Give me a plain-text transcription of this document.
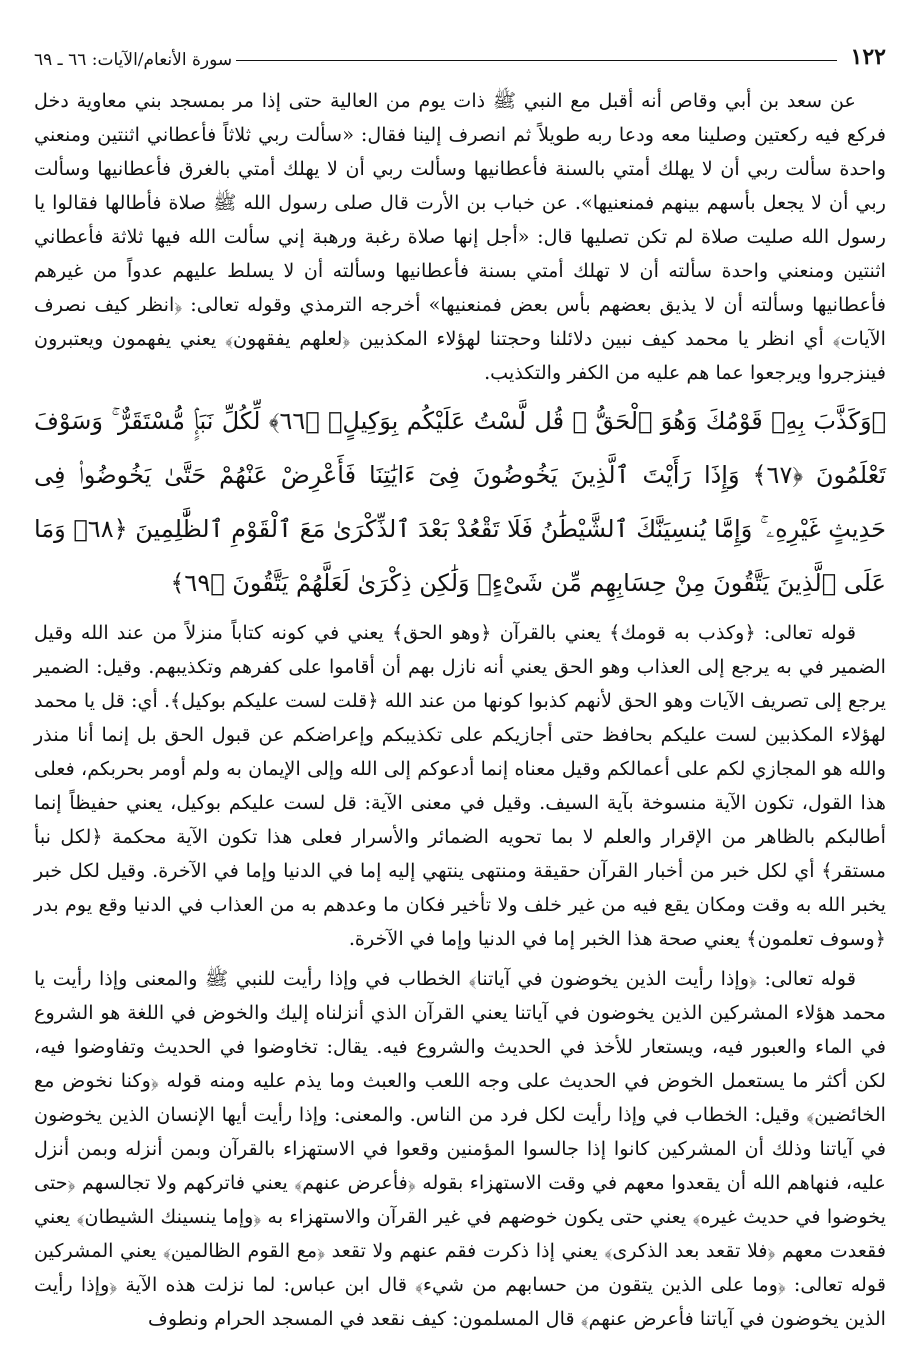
١٢٢
سورة الأنعام/الآيات: ٦٦ ـ ٦٩

عن سعد بن أبي وقاص أنه أقبل مع النبي ﷺ ذات يوم من العالية حتى إذا مر بمسجد بني معاوية دخل فركع فيه ركعتين وصلينا معه ودعا ربه طويلاً ثم انصرف إلينا فقال: «سألت ربي ثلاثاً فأعطاني اثنتين ومنعني واحدة سألت ربي أن لا يهلك أمتي بالسنة فأعطانيها وسألت ربي أن لا يهلك أمتي بالغرق فأعطانيها وسألت ربي أن لا يجعل بأسهم بينهم فمنعنيها». عن خباب بن الأرت قال صلى رسول الله ﷺ صلاة فأطالها فقالوا يا رسول الله صليت صلاة لم تكن تصليها قال: «أجل إنها صلاة رغبة ورهبة إني سألت الله فيها ثلاثة فأعطاني اثنتين ومنعني واحدة سألته أن لا تهلك أمتي بسنة فأعطانيها وسألته أن لا يسلط عليهم عدواً من غيرهم فأعطانيها وسألته أن لا يذيق بعضهم بأس بعض فمنعنيها» أخرجه الترمذي وقوله تعالى: ﴿انظر كيف نصرف الآيات﴾ أي انظر يا محمد كيف نبين دلائلنا وحجتنا لهؤلاء المكذبين ﴿لعلهم يفقهون﴾ يعني يفهمون ويعتبرون فينزجروا ويرجعوا عما هم عليه من الكفر والتكذيب.

﴿وَكَذَّبَ بِهِۦ قَوْمُكَ وَهُوَ ٱلْحَقُّ ۚ قُل لَّسْتُ عَلَيْكُم بِوَكِيلٍۢ ﴿٦٦﴾ لِّكُلِّ نَبَإٍۢ مُّسْتَقَرٌّ ۚ وَسَوْفَ تَعْلَمُونَ ﴿٦٧﴾ وَإِذَا رَأَيْتَ ٱلَّذِينَ يَخُوضُونَ فِىٓ ءَايَٰتِنَا فَأَعْرِضْ عَنْهُمْ حَتَّىٰ يَخُوضُوا۟ فِى حَدِيثٍ غَيْرِهِۦ ۚ وَإِمَّا يُنسِيَنَّكَ ٱلشَّيْطَٰنُ فَلَا تَقْعُدْ بَعْدَ ٱلذِّكْرَىٰ مَعَ ٱلْقَوْمِ ٱلظَّٰلِمِينَ ﴿٦٨﴾ وَمَا عَلَى ٱلَّذِينَ يَتَّقُونَ مِنْ حِسَابِهِم مِّن شَىْءٍۢ وَلَٰكِن ذِكْرَىٰ لَعَلَّهُمْ يَتَّقُونَ ﴿٦٩﴾

قوله تعالى: ﴿وكذب به قومك﴾ يعني بالقرآن ﴿وهو الحق﴾ يعني في كونه كتاباً منزلاً من عند الله وقيل الضمير في به يرجع إلى العذاب وهو الحق يعني أنه نازل بهم أن أقاموا على كفرهم وتكذيبهم. وقيل: الضمير يرجع إلى تصريف الآيات وهو الحق لأنهم كذبوا كونها من عند الله ﴿قلت لست عليكم بوكيل﴾. أي: قل يا محمد لهؤلاء المكذبين لست عليكم بحافظ حتى أجازيكم على تكذيبكم وإعراضكم عن قبول الحق بل إنما أنا منذر والله هو المجازي لكم على أعمالكم وقيل معناه إنما أدعوكم إلى الله وإلى الإيمان به ولم أومر بحربكم، فعلى هذا القول، تكون الآية منسوخة بآية السيف. وقيل في معنى الآية: قل لست عليكم بوكيل، يعني حفيظاً إنما أطالبكم بالظاهر من الإقرار والعلم لا بما تحويه الضمائر والأسرار فعلى هذا تكون الآية محكمة ﴿لكل نبأ مستقر﴾ أي لكل خبر من أخبار القرآن حقيقة ومنتهى ينتهي إليه إما في الدنيا وإما في الآخرة. وقيل لكل خبر يخبر الله به وقت ومكان يقع فيه من غير خلف ولا تأخير فكان ما وعدهم به من العذاب في الدنيا وقع يوم بدر ﴿وسوف تعلمون﴾ يعني صحة هذا الخبر إما في الدنيا وإما في الآخرة.

قوله تعالى: ﴿وإذا رأيت الذين يخوضون في آياتنا﴾ الخطاب في وإذا رأيت للنبي ﷺ والمعنى وإذا رأيت يا محمد هؤلاء المشركين الذين يخوضون في آياتنا يعني القرآن الذي أنزلناه إليك والخوض في اللغة هو الشروع في الماء والعبور فيه، ويستعار للأخذ في الحديث والشروع فيه. يقال: تخاوضوا في الحديث وتفاوضوا فيه، لكن أكثر ما يستعمل الخوض في الحديث على وجه اللعب والعبث وما يذم عليه ومنه قوله ﴿وكنا نخوض مع الخائضين﴾ وقيل: الخطاب في وإذا رأيت لكل فرد من الناس. والمعنى: وإذا رأيت أيها الإنسان الذين يخوضون في آياتنا وذلك أن المشركين كانوا إذا جالسوا المؤمنين وقعوا في الاستهزاء بالقرآن وبمن أنزله وبمن أنزل عليه، فنهاهم الله أن يقعدوا معهم في وقت الاستهزاء بقوله ﴿فأعرض عنهم﴾ يعني فاتركهم ولا تجالسهم ﴿حتى يخوضوا في حديث غيره﴾ يعني حتى يكون خوضهم في غير القرآن والاستهزاء به ﴿وإما ينسينك الشيطان﴾ يعني فقعدت معهم ﴿فلا تقعد بعد الذكرى﴾ يعني إذا ذكرت فقم عنهم ولا تقعد ﴿مع القوم الظالمين﴾ يعني المشركين قوله تعالى: ﴿وما على الذين يتقون من حسابهم من شيء﴾ قال ابن عباس: لما نزلت هذه الآية ﴿وإذا رأيت الذين يخوضون في آياتنا فأعرض عنهم﴾ قال المسلمون: كيف نقعد في المسجد الحرام ونطوف
